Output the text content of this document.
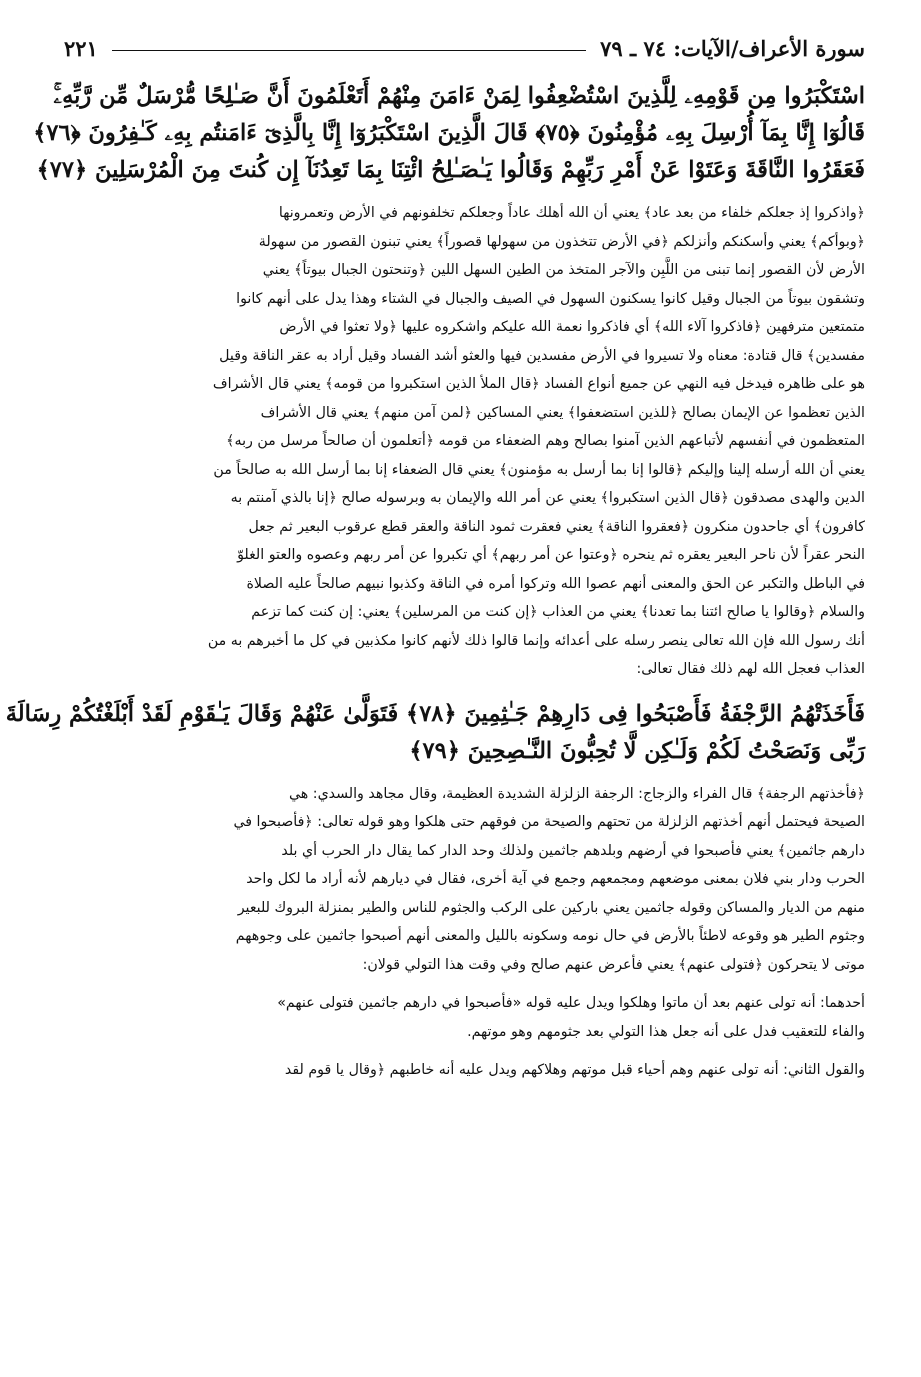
سورة الأعراف/الآيات: ٧٤ ـ ٧٩
٢٢١
اسْتَكْبَرُوا مِن قَوْمِهِۦ لِلَّذِينَ اسْتُضْعِفُوا لِمَنْ ءَامَنَ مِنْهُمْ أَتَعْلَمُونَ أَنَّ صَـٰلِحًا مُّرْسَلٌ مِّن رَّبِّهِۦۚ
قَالُوٓا إِنَّا بِمَآ أُرْسِلَ بِهِۦ مُؤْمِنُونَ ﴿٧٥﴾ قَالَ الَّذِينَ اسْتَكْبَرُوٓا إِنَّا بِالَّذِىٓ ءَامَنتُم بِهِۦ كَـٰفِرُونَ ﴿٧٦﴾
فَعَقَرُوا النَّاقَةَ وَعَتَوْا عَنْ أَمْرِ رَبِّهِمْ وَقَالُوا يَـٰصَـٰلِحُ ائْتِنَا بِمَا تَعِدُنَآ إِن كُنتَ مِنَ الْمُرْسَلِينَ ﴿٧٧﴾
﴿واذكروا إذ جعلكم خلفاء من بعد عاد﴾ يعني أن الله أهلك عاداً وجعلكم تخلفونهم في الأرض وتعمرونها
﴿وبوأكم﴾ يعني وأسكنكم وأنزلكم ﴿في الأرض تتخذون من سهولها قصوراً﴾ يعني تبنون القصور من سهولة
الأرض لأن القصور إنما تبنى من اللَّبِن والآجر المتخذ من الطين السهل اللين ﴿وتنحتون الجبال بيوتاً﴾ يعني
وتشقون بيوتاً من الجبال وقيل كانوا يسكنون السهول في الصيف والجبال في الشتاء وهذا يدل على أنهم كانوا
متمتعين مترفهين ﴿فاذكروا آلاء الله﴾ أي فاذكروا نعمة الله عليكم واشكروه عليها ﴿ولا تعثوا في الأرض
مفسدين﴾ قال قتادة: معناه ولا تسيروا في الأرض مفسدين فيها والعثو أشد الفساد وقيل أراد به عقر الناقة وقيل
هو على ظاهره فيدخل فيه النهي عن جميع أنواع الفساد ﴿قال الملأ الذين استكبروا من قومه﴾ يعني قال الأشراف
الذين تعظموا عن الإيمان بصالح ﴿للذين استضعفوا﴾ يعني المساكين ﴿لمن آمن منهم﴾ يعني قال الأشراف
المتعظمون في أنفسهم لأتباعهم الذين آمنوا بصالح وهم الضعفاء من قومه ﴿أتعلمون أن صالحاً مرسل من ربه﴾
يعني أن الله أرسله إلينا وإليكم ﴿قالوا إنا بما أرسل به مؤمنون﴾ يعني قال الضعفاء إنا بما أرسل الله به صالحاً من
الدين والهدى مصدقون ﴿قال الذين استكبروا﴾ يعني عن أمر الله والإيمان به وبرسوله صالح ﴿إنا بالذي آمنتم به
كافرون﴾ أي جاحدون منكرون ﴿فعقروا الناقة﴾ يعني فعقرت ثمود الناقة والعقر قطع عرقوب البعير ثم جعل
النحر عقراً لأن ناحر البعير يعقره ثم ينحره ﴿وعتوا عن أمر ربهم﴾ أي تكبروا عن أمر ربهم وعصوه والعتو الغلوّ
في الباطل والتكبر عن الحق والمعنى أنهم عصوا الله وتركوا أمره في الناقة وكذبوا نبيهم صالحاً عليه الصلاة
والسلام ﴿وقالوا يا صالح ائتنا بما تعدنا﴾ يعني من العذاب ﴿إن كنت من المرسلين﴾ يعني: إن كنت كما تزعم
أنك رسول الله فإن الله تعالى ينصر رسله على أعدائه وإنما قالوا ذلك لأنهم كانوا مكذبين في كل ما أخبرهم به من
العذاب فعجل الله لهم ذلك فقال تعالى:
فَأَخَذَتْهُمُ الرَّجْفَةُ فَأَصْبَحُوا فِى دَارِهِمْ جَـٰثِمِينَ ﴿٧٨﴾ فَتَوَلَّىٰ عَنْهُمْ وَقَالَ يَـٰقَوْمِ لَقَدْ أَبْلَغْتُكُمْ رِسَالَةَ
رَبِّى وَنَصَحْتُ لَكُمْ وَلَـٰكِن لَّا تُحِبُّونَ النَّـٰصِحِينَ ﴿٧٩﴾
﴿فأخذتهم الرجفة﴾ قال الفراء والزجاج: الرجفة الزلزلة الشديدة العظيمة، وقال مجاهد والسدي: هي
الصيحة فيحتمل أنهم أخذتهم الزلزلة من تحتهم والصيحة من فوقهم حتى هلكوا وهو قوله تعالى: ﴿فأصبحوا في
دارهم جاثمين﴾ يعني فأصبحوا في أرضهم وبلدهم جاثمين ولذلك وحد الدار كما يقال دار الحرب أي بلد
الحرب ودار بني فلان بمعنى موضعهم ومجمعهم وجمع في آية أخرى، فقال في ديارهم لأنه أراد ما لكل واحد
منهم من الديار والمساكن وقوله جاثمين يعني باركين على الركب والجثوم للناس والطير بمنزلة البروك للبعير
وجثوم الطير هو وقوعه لاطئاً بالأرض في حال نومه وسكونه بالليل والمعنى أنهم أصبحوا جاثمين على وجوههم
موتى لا يتحركون ﴿فتولى عنهم﴾ يعني فأعرض عنهم صالح وفي وقت هذا التولي قولان:
أحدهما: أنه تولى عنهم بعد أن ماتوا وهلكوا ويدل عليه قوله «فأصبحوا في دارهم جاثمين فتولى عنهم»
والفاء للتعقيب فدل على أنه جعل هذا التولي بعد جثومهم وهو موتهم.
والقول الثاني: أنه تولى عنهم وهم أحياء قبل موتهم وهلاكهم ويدل عليه أنه خاطبهم ﴿وقال يا قوم لقد
